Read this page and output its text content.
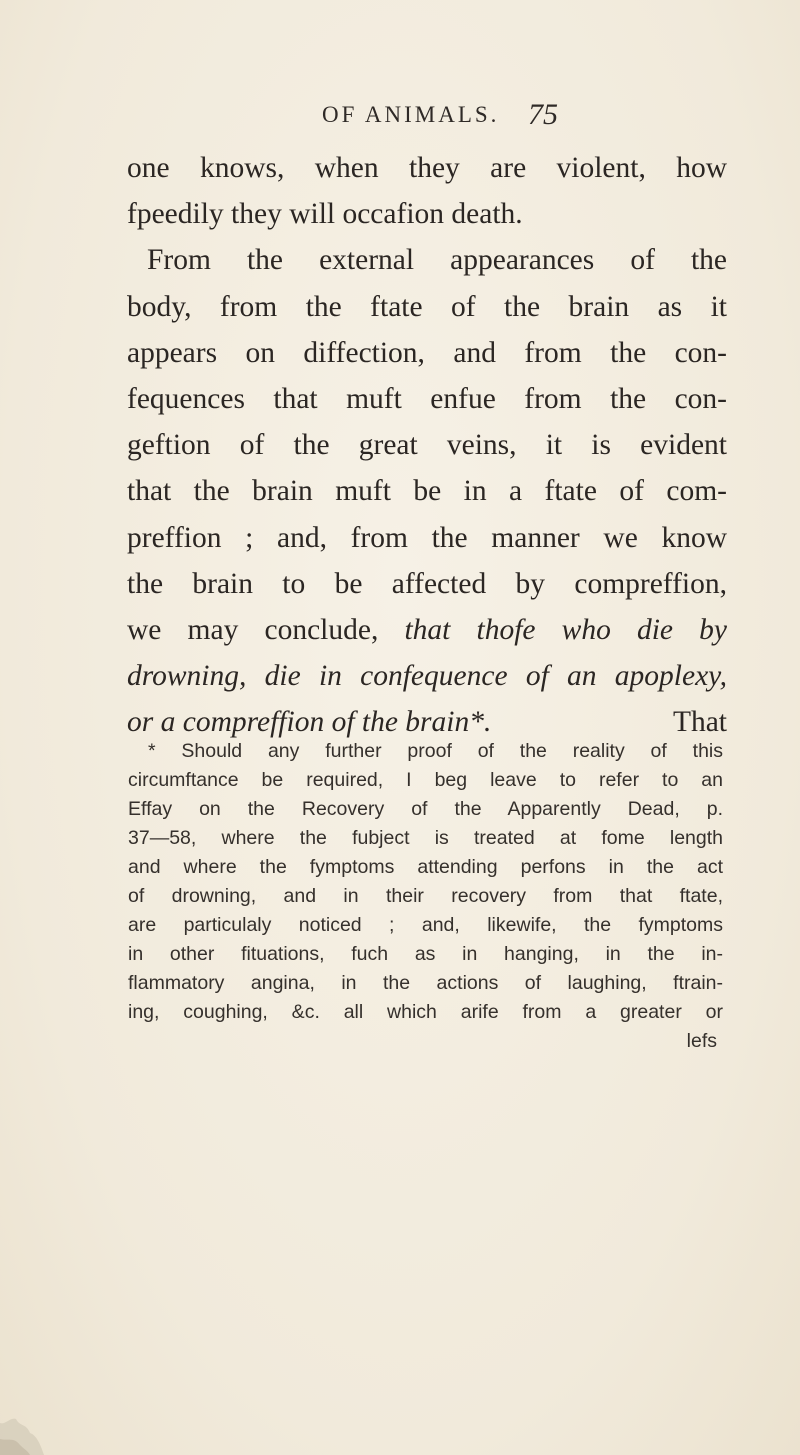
OF ANIMALS. 75
one knows, when they are violent, how
fpeedily they will occafion death.
From the external appearances of the
body, from the ftate of the brain as it
appears on diffection, and from the con-
fequences that muft enfue from the con-
geftion of the great veins, it is evident
that the brain muft be in a ftate of com-
preffion ; and, from the manner we know
the brain to be affected by compreffion,
we may conclude, that thofe who die by
drowning, die in confequence of an apoplexy,
or a compreffion of the brain*.	That
* Should any further proof of the reality of this
circumftance be required, I beg leave to refer to an
Effay on the Recovery of the Apparently Dead, p.
37—58, where the fubject is treated at fome length
and where the fymptoms attending perfons in the act
of drowning, and in their recovery from that ftate,
are particulaly noticed ; and, likewife, the fymptoms
in other fituations, fuch as in hanging, in the in-
flammatory angina, in the actions of laughing, ftrain-
ing, coughing, &c. all which arife from a greater or
lefs
